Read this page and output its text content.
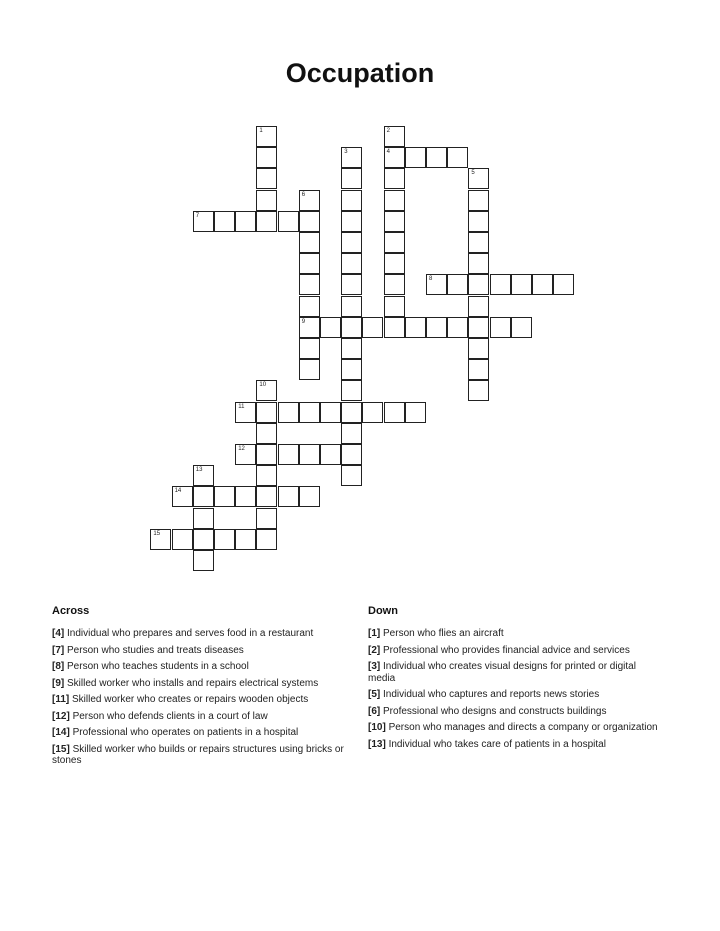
Occupation
1	2
4
3
5
6
9
7
8
10
11
12
13
14
15
Across	Down
[4] Individual who prepares and serves food in a restaurant
[7] Person who studies and treats diseases
[8] Person who teaches students in a school
[9] Skilled worker who installs and repairs electrical systems
[11] Skilled worker who creates or repairs wooden objects
[12] Person who defends clients in a court of law
[14] Professional who operates on patients in a hospital
[15] Skilled worker who builds or repairs structures using bricks or stones
[1] Person who flies an aircraft
[2] Professional who provides financial advice and services
[3] Individual who creates visual designs for printed or digital media
[5] Individual who captures and reports news stories
[6] Professional who designs and constructs buildings
[10] Person who manages and directs a company or organization
[13] Individual who takes care of patients in a hospital
